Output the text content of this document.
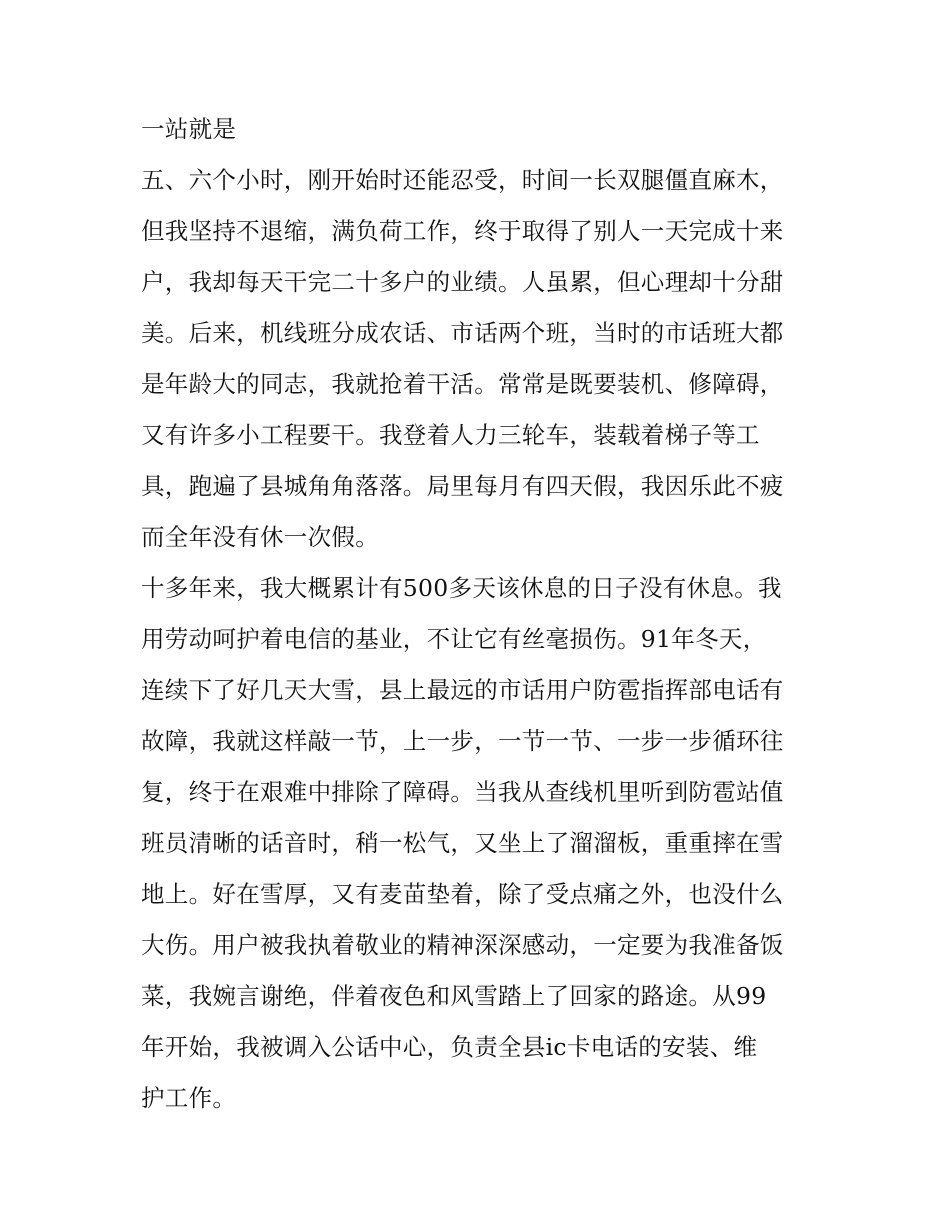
一站就是
五、六个小时，刚开始时还能忍受，时间一长双腿僵直麻木，
但我坚持不退缩，满负荷工作，终于取得了别人一天完成十来
户，我却每天干完二十多户的业绩。人虽累，但心理却十分甜
美。后来，机线班分成农话、市话两个班，当时的市话班大都
是年龄大的同志，我就抢着干活。常常是既要装机、修障碍，
又有许多小工程要干。我登着人力三轮车，装载着梯子等工
具，跑遍了县城角角落落。局里每月有四天假，我因乐此不疲
而全年没有休一次假。
十多年来，我大概累计有500多天该休息的日子没有休息。我
用劳动呵护着电信的基业，不让它有丝毫损伤。91年冬天，
连续下了好几天大雪，县上最远的市话用户防雹指挥部电话有
故障，我就这样敲一节，上一步，一节一节、一步一步循环往
复，终于在艰难中排除了障碍。当我从查线机里听到防雹站值
班员清晰的话音时，稍一松气，又坐上了溜溜板，重重摔在雪
地上。好在雪厚，又有麦苗垫着，除了受点痛之外，也没什么
大伤。用户被我执着敬业的精神深深感动，一定要为我准备饭
菜，我婉言谢绝，伴着夜色和风雪踏上了回家的路途。从99
年开始，我被调入公话中心，负责全县ic卡电话的安装、维
护工作。
